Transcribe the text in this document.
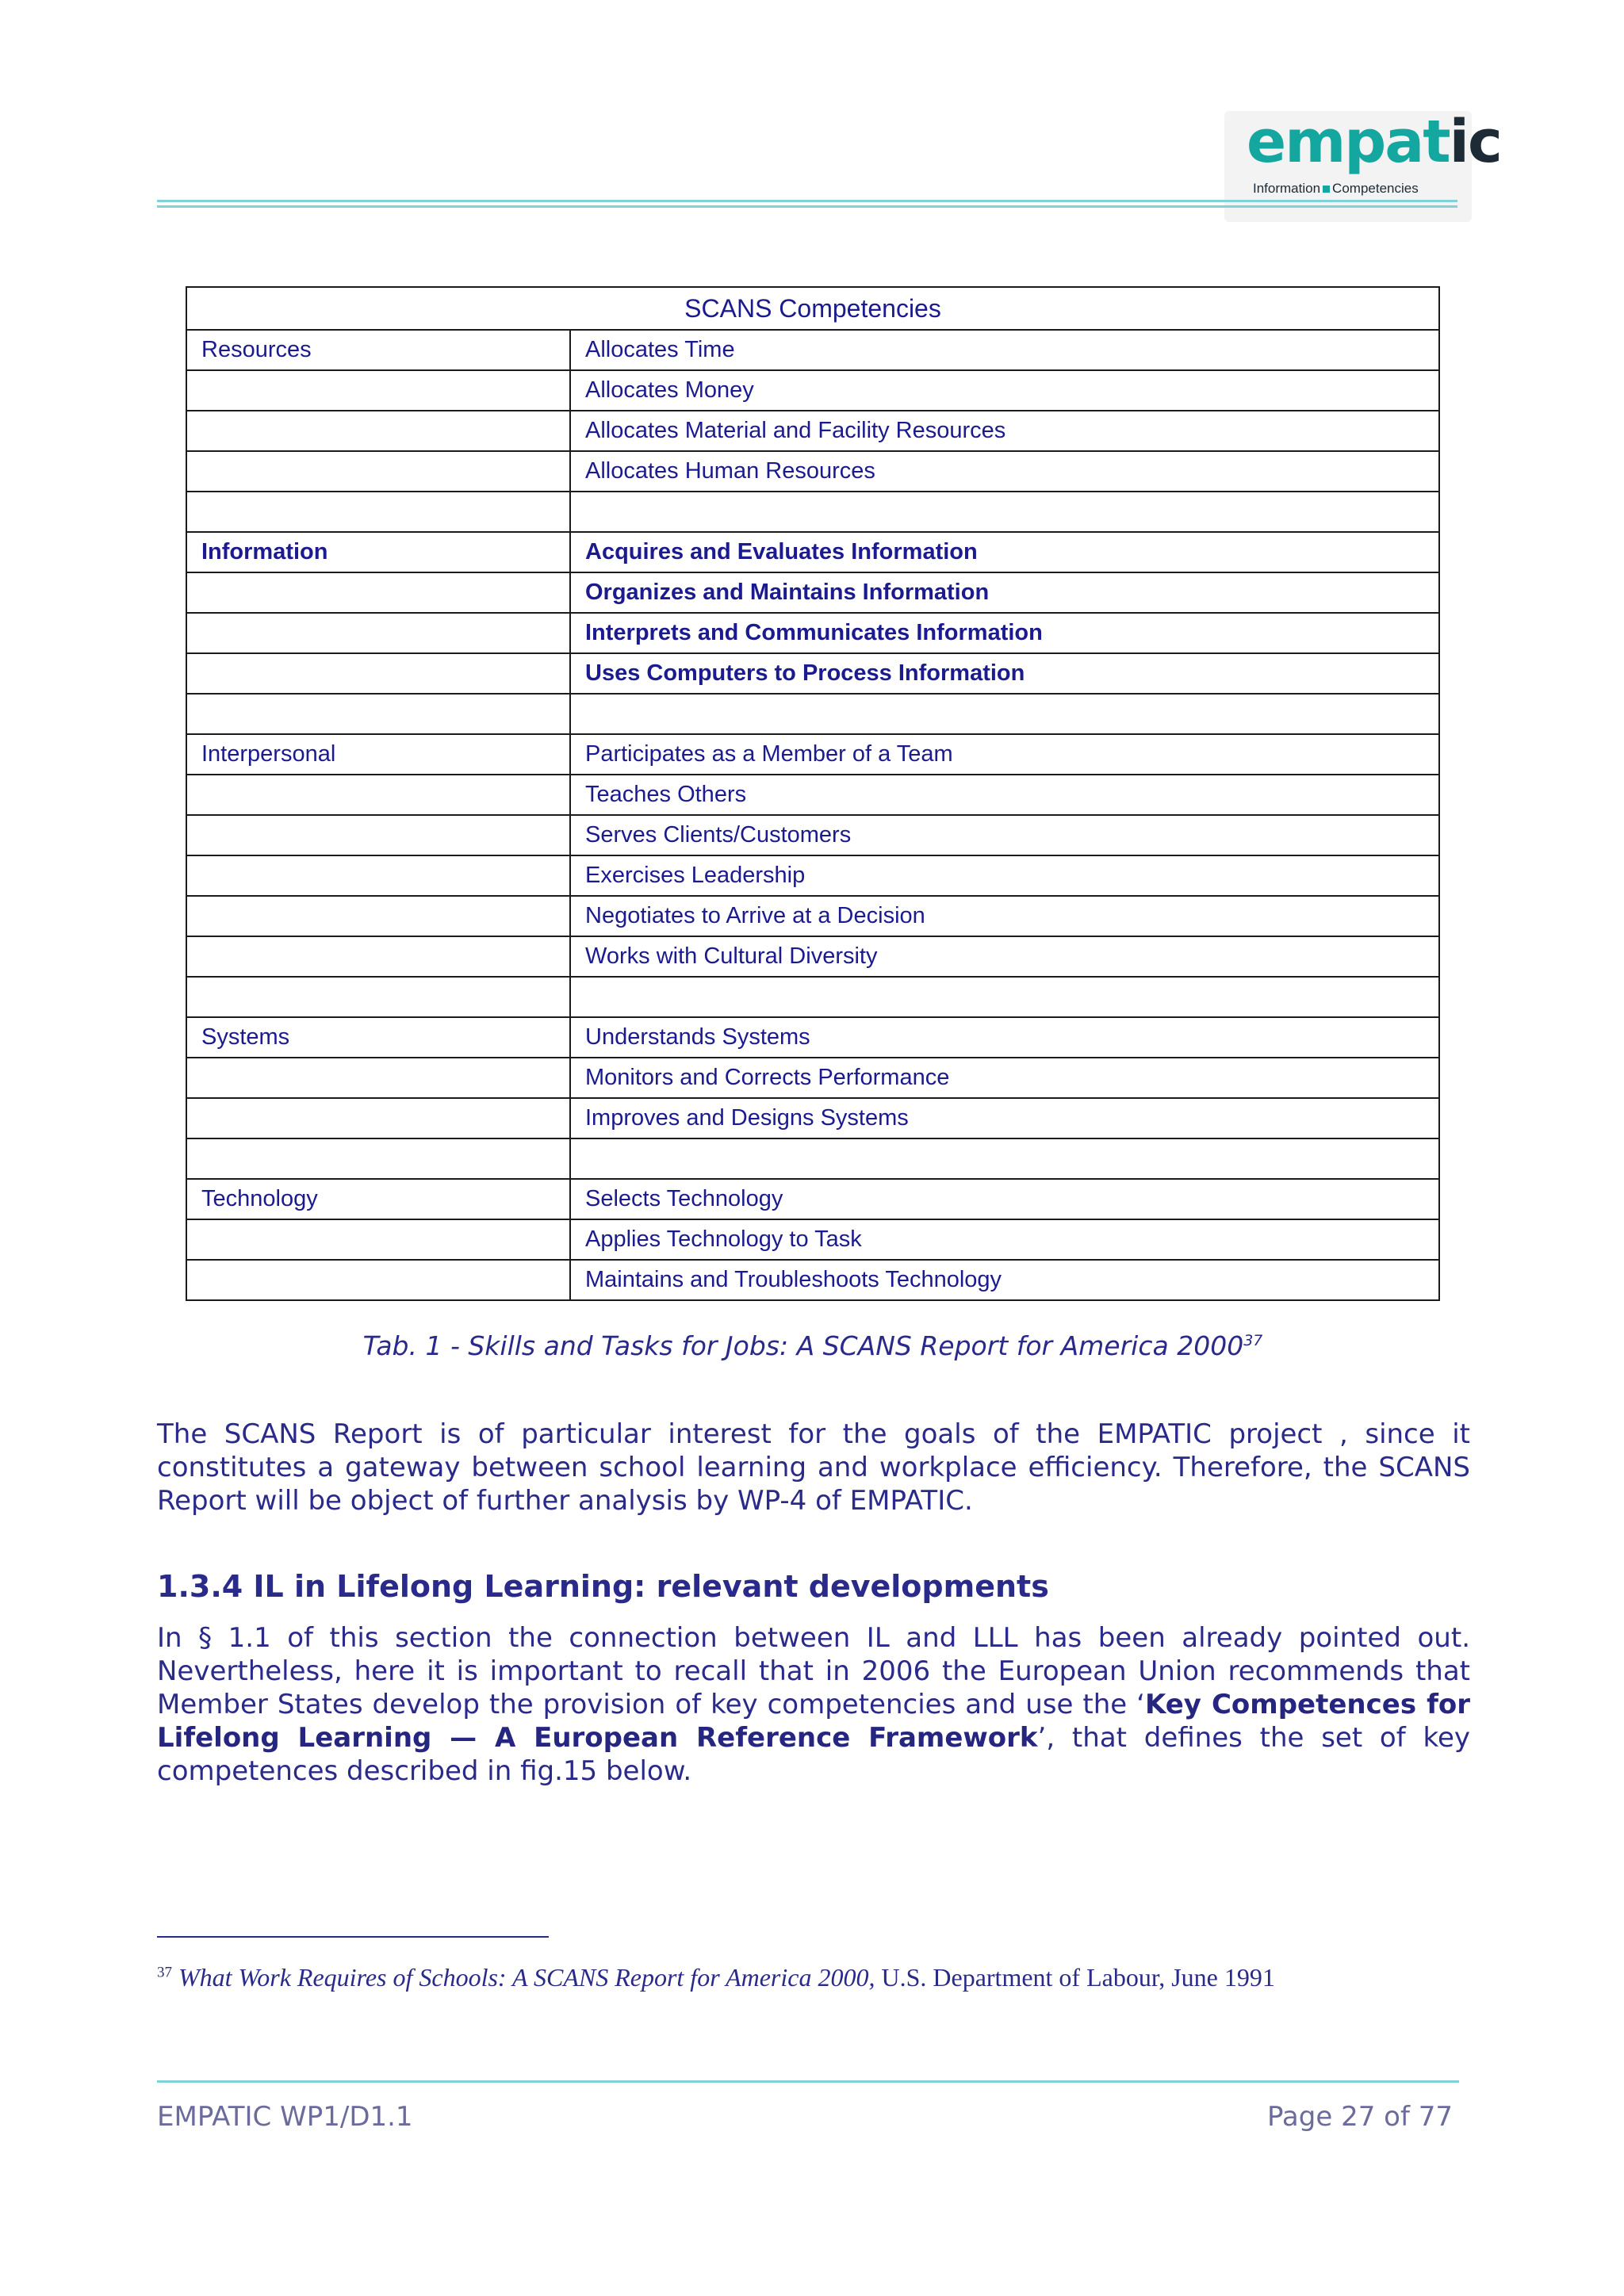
empatic
Information Competencies
SCANS Competencies	
Resources	Allocates Time
	Allocates Money
	Allocates Material and Facility Resources
	Allocates Human Resources

Information	Acquires and Evaluates Information
	Organizes and Maintains Information
	Interprets and Communicates Information
	Uses Computers to Process Information

Interpersonal	Participates as a Member of a Team
	Teaches Others
	Serves Clients/Customers
	Exercises Leadership
	Negotiates to Arrive at a Decision
	Works with Cultural Diversity

Systems	Understands Systems
	Monitors and Corrects Performance
	Improves and Designs Systems

Technology	Selects Technology
	Applies Technology to Task
	Maintains and Troubleshoots Technology
Tab. 1 - Skills and Tasks for Jobs: A SCANS Report for America 2000$^{37}$

The SCANS Report is of particular interest for the goals of the EMPATIC project , since it constitutes a gateway between school learning and workplace efficiency. Therefore, the SCANS Report will be object of further analysis by WP-4 of EMPATIC.

1.3.4 IL in Lifelong Learning: relevant developments

In § 1.1 of this section the connection between IL and LLL has been already pointed out. Nevertheless, here it is important to recall that in 2006 the European Union recommends that Member States develop the provision of key competencies and use the ‘Key Competences for Lifelong Learning — A European Reference Framework’, that defines the set of key competences described in fig.15 below.

$^{37}$ What Work Requires of Schools: A SCANS Report for America 2000, U.S. Department of Labour, June 1991

EMPATIC WP1/D1.1	Page 27 of 77
